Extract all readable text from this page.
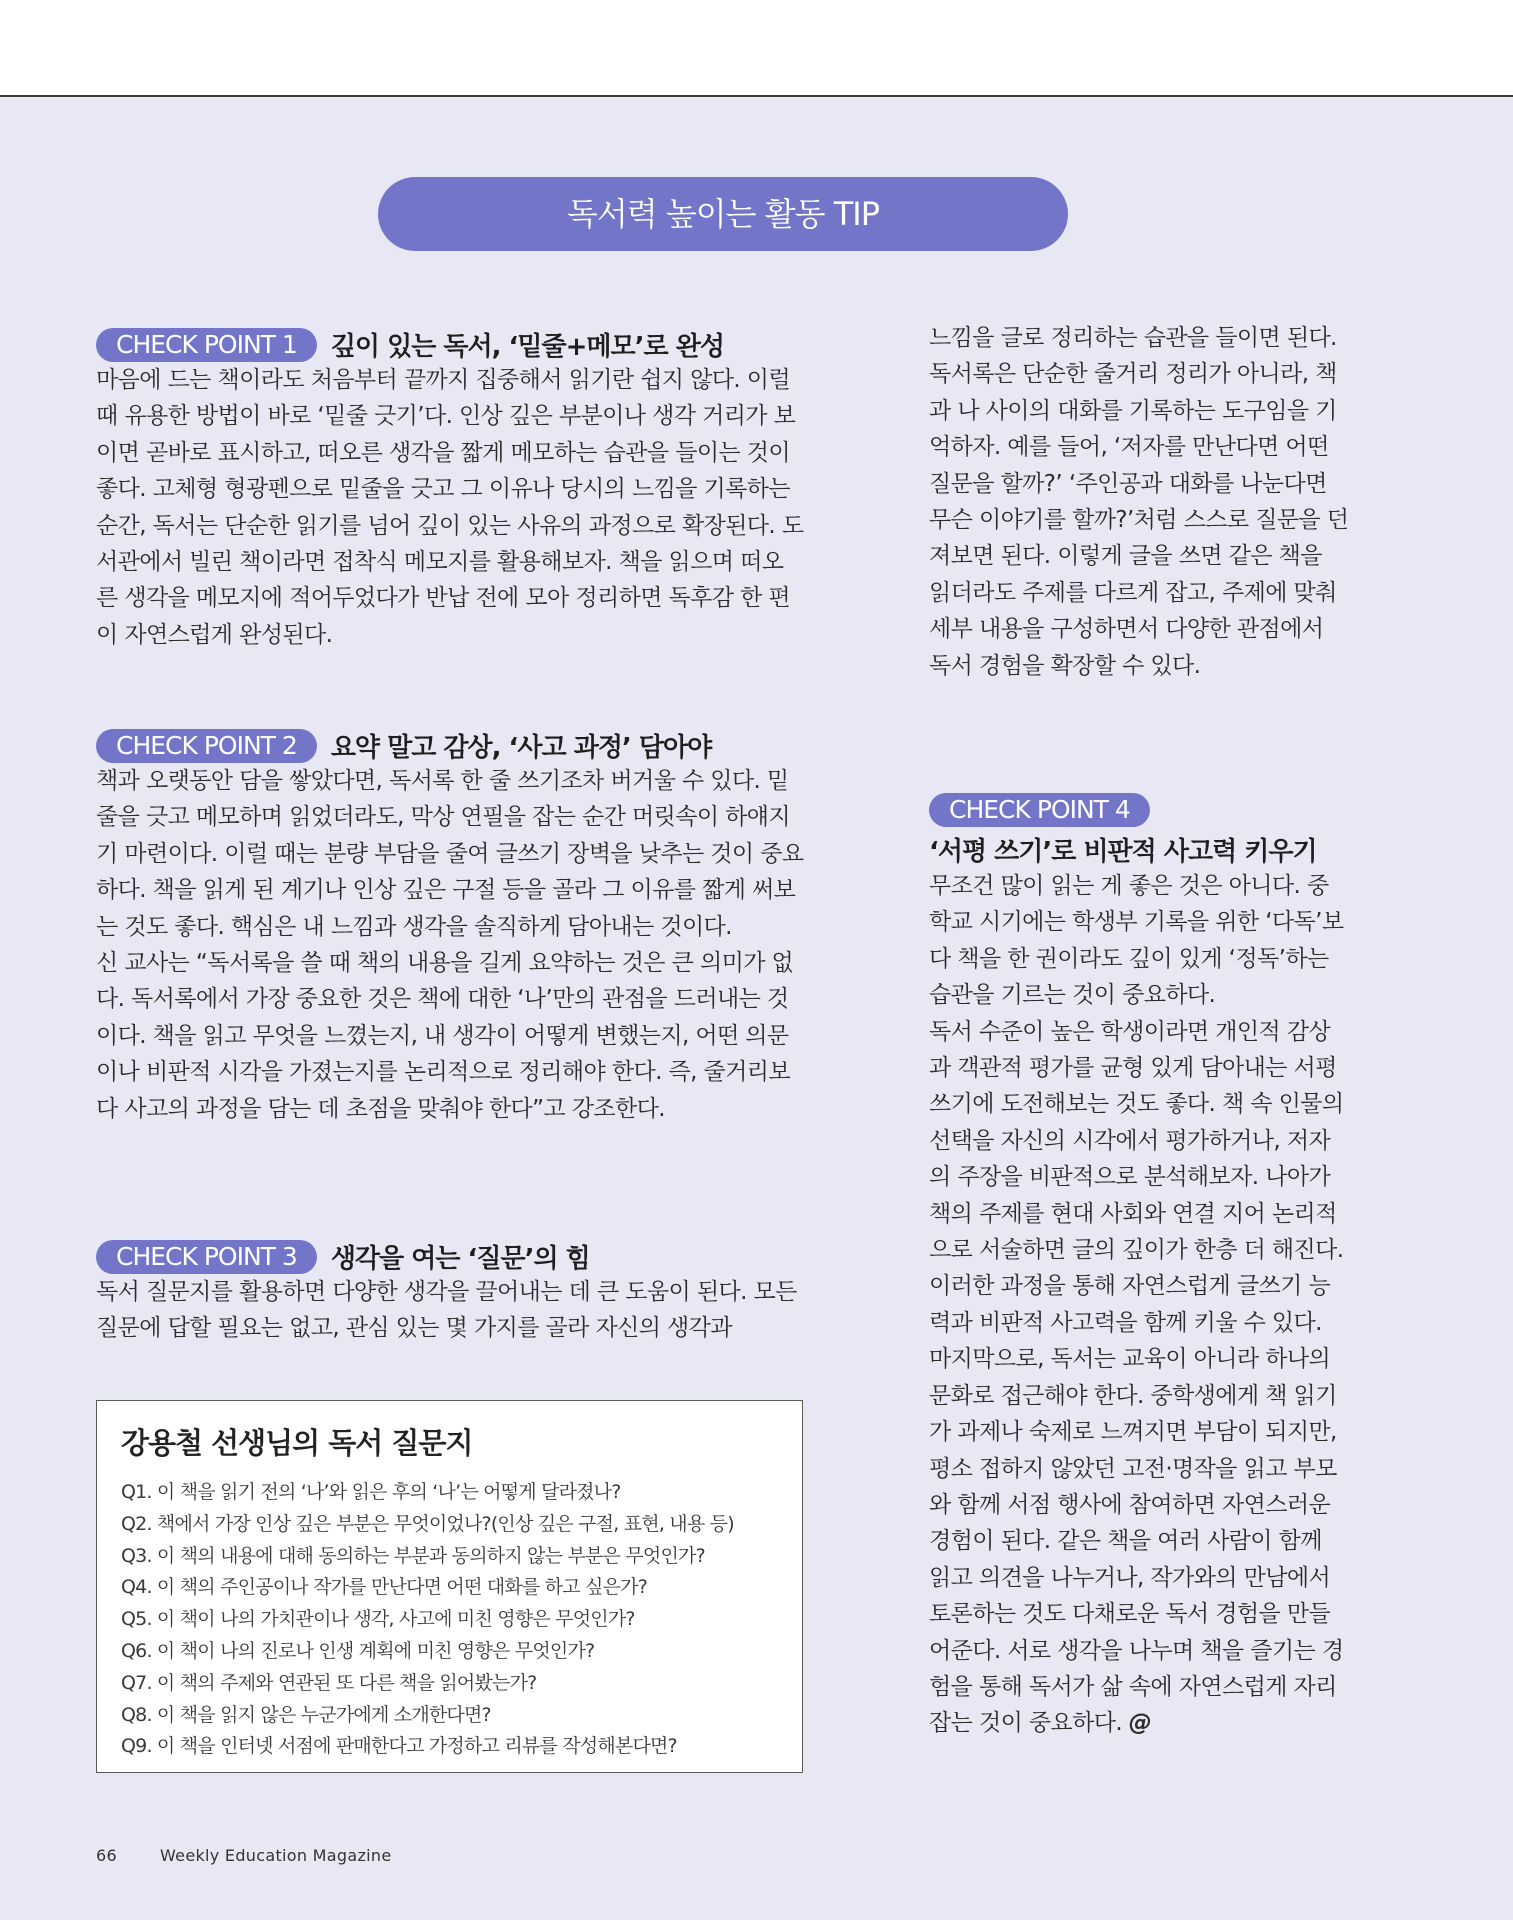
독서력 높이는 활동 TIP
CHECK POINT 1 깊이 있는 독서, ‘밑줄+메모’로 완성

마음에 드는 책이라도 처음부터 끝까지 집중해서 읽기란 쉽지 않다. 이럴 때 유용한 방법이 바로 ‘밑줄 긋기’다. 인상 깊은 부분이나 생각 거리가 보이면 곧바로 표시하고, 떠오른 생각을 짧게 메모하는 습관을 들이는 것이 좋다. 고체형 형광펜으로 밑줄을 긋고 그 이유나 당시의 느낌을 기록하는 순간, 독서는 단순한 읽기를 넘어 깊이 있는 사유의 과정으로 확장된다. 도서관에서 빌린 책이라면 접착식 메모지를 활용해보자. 책을 읽으며 떠오른 생각을 메모지에 적어두었다가 반납 전에 모아 정리하면 독후감 한 편이 자연스럽게 완성된다.

CHECK POINT 2 요약 말고 감상, ‘사고 과정’ 담아야

책과 오랫동안 담을 쌓았다면, 독서록 한 줄 쓰기조차 버거울 수 있다. 밑줄을 긋고 메모하며 읽었더라도, 막상 연필을 잡는 순간 머릿속이 하얘지기 마련이다. 이럴 때는 분량 부담을 줄여 글쓰기 장벽을 낮추는 것이 중요하다. 책을 읽게 된 계기나 인상 깊은 구절 등을 골라 그 이유를 짧게 써보는 것도 좋다. 핵심은 내 느낌과 생각을 솔직하게 담아내는 것이다.

신 교사는 “독서록을 쓸 때 책의 내용을 길게 요약하는 것은 큰 의미가 없다. 독서록에서 가장 중요한 것은 책에 대한 ‘나’만의 관점을 드러내는 것이다. 책을 읽고 무엇을 느꼈는지, 내 생각이 어떻게 변했는지, 어떤 의문이나 비판적 시각을 가졌는지를 논리적으로 정리해야 한다. 즉, 줄거리보다 사고의 과정을 담는 데 초점을 맞춰야 한다”고 강조한다.

CHECK POINT 3 생각을 여는 ‘질문’의 힘

독서 질문지를 활용하면 다양한 생각을 끌어내는 데 큰 도움이 된다. 모든 질문에 답할 필요는 없고, 관심 있는 몇 가지를 골라 자신의 생각과

강용철 선생님의 독서 질문지
Q1. 이 책을 읽기 전의 ‘나’와 읽은 후의 ‘나’는 어떻게 달라졌나?
Q2. 책에서 가장 인상 깊은 부분은 무엇이었나?(인상 깊은 구절, 표현, 내용 등)
Q3. 이 책의 내용에 대해 동의하는 부분과 동의하지 않는 부분은 무엇인가?
Q4. 이 책의 주인공이나 작가를 만난다면 어떤 대화를 하고 싶은가?
Q5. 이 책이 나의 가치관이나 생각, 사고에 미친 영향은 무엇인가?
Q6. 이 책이 나의 진로나 인생 계획에 미친 영향은 무엇인가?
Q7. 이 책의 주제와 연관된 또 다른 책을 읽어봤는가?
Q8. 이 책을 읽지 않은 누군가에게 소개한다면?
Q9. 이 책을 인터넷 서점에 판매한다고 가정하고 리뷰를 작성해본다면?

느낌을 글로 정리하는 습관을 들이면 된다. 독서록은 단순한 줄거리 정리가 아니라, 책과 나 사이의 대화를 기록하는 도구임을 기억하자. 예를 들어, ‘저자를 만난다면 어떤 질문을 할까?’ ‘주인공과 대화를 나눈다면 무슨 이야기를 할까?’처럼 스스로 질문을 던져보면 된다. 이렇게 글을 쓰면 같은 책을 읽더라도 주제를 다르게 잡고, 주제에 맞춰 세부 내용을 구성하면서 다양한 관점에서 독서 경험을 확장할 수 있다.

CHECK POINT 4
‘서평 쓰기’로 비판적 사고력 키우기

무조건 많이 읽는 게 좋은 것은 아니다. 중학교 시기에는 학생부 기록을 위한 ‘다독’보다 책을 한 권이라도 깊이 있게 ‘정독’하는 습관을 기르는 것이 중요하다.

독서 수준이 높은 학생이라면 개인적 감상과 객관적 평가를 균형 있게 담아내는 서평 쓰기에 도전해보는 것도 좋다. 책 속 인물의 선택을 자신의 시각에서 평가하거나, 저자의 주장을 비판적으로 분석해보자. 나아가 책의 주제를 현대 사회와 연결 지어 논리적으로 서술하면 글의 깊이가 한층 더 해진다. 이러한 과정을 통해 자연스럽게 글쓰기 능력과 비판적 사고력을 함께 키울 수 있다.

마지막으로, 독서는 교육이 아니라 하나의 문화로 접근해야 한다. 중학생에게 책 읽기가 과제나 숙제로 느껴지면 부담이 되지만, 평소 접하지 않았던 고전·명작을 읽고 부모와 함께 서점 행사에 참여하면 자연스러운 경험이 된다. 같은 책을 여러 사람이 함께 읽고 의견을 나누거나, 작가와의 만남에서 토론하는 것도 다채로운 독서 경험을 만들어준다. 서로 생각을 나누며 책을 즐기는 경험을 통해 독서가 삶 속에 자연스럽게 자리 잡는 것이 중요하다. @

66	Weekly Education Magazine
